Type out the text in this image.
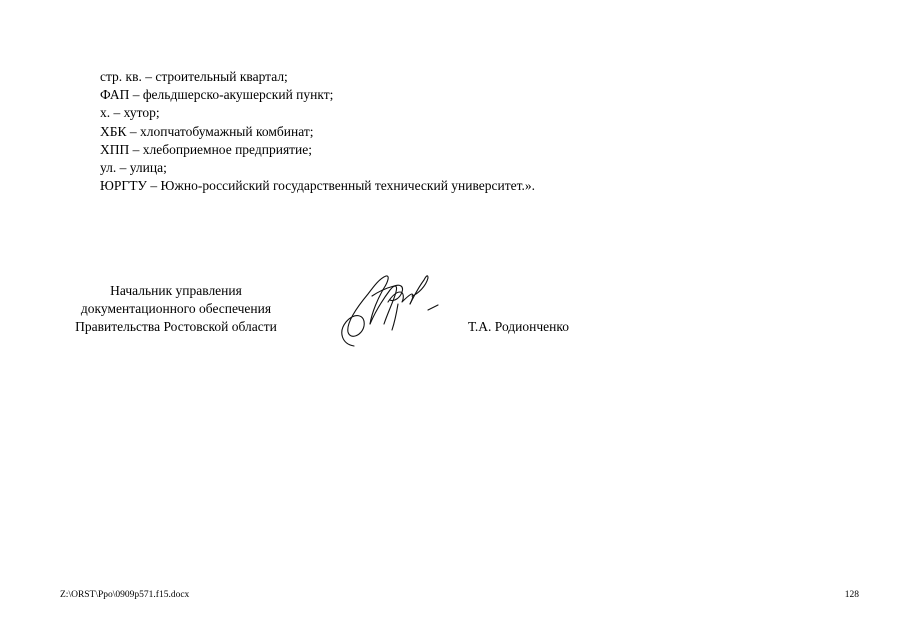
стр. кв. – строительный квартал;
ФАП – фельдшерско-акушерский пункт;
х. – хутор;
ХБК – хлопчатобумажный комбинат;
ХПП – хлебоприемное предприятие;
ул. – улица;
ЮРГТУ – Южно-российский государственный технический университет.».
Начальник управления
документационного обеспечения
Правительства Ростовской области	Т.А. Родионченко
Z:\ORST\Ppo\0909p571.f15.docx	128
